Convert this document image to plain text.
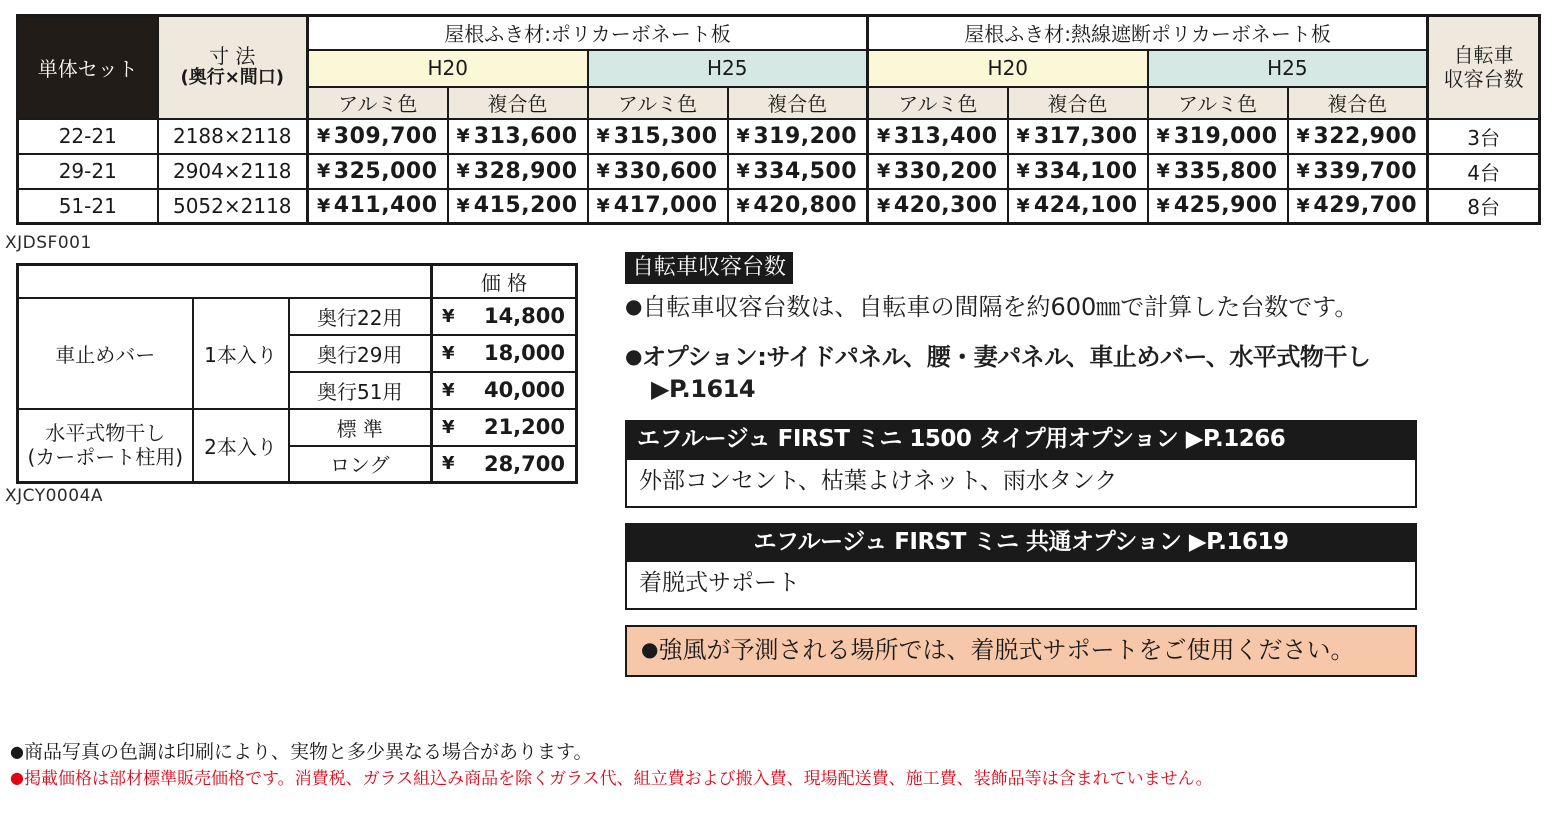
単体セット	
寸 法
(奥行×間口)
	屋根ふき材:ポリカーボネート板	屋根ふき材:熱線遮断ポリカーボネート板	
自転車
収容台数

		H20		H25		H20		H25		
		アルミ色	複合色	アルミ色	複合色	アルミ色	複合色	アルミ色	複合色	
22-21	2188×2118	¥ 309,700	¥ 313,600	¥ 315,300	¥ 319,200	¥ 313,400	¥ 317,300	¥ 319,000	¥ 322,900	3台
29-21	2904×2118	¥ 325,000	¥ 328,900	¥ 330,600	¥ 334,500	¥ 330,200	¥ 334,100	¥ 335,800	¥ 339,700	4台
51-21	5052×2118	¥ 411,400	¥ 415,200	¥ 417,000	¥ 420,800	¥ 420,300	¥ 424,100	¥ 425,900	¥ 429,700	8台
XJDSF001
オプション			価 格
車止めバー	1本入り	奥行22用	¥ 14,800

		奥行29用	¥ 18,000

		奥行51用	¥ 40,000

水平式物干し
(カーポート柱用)	2本入り	標 準	¥ 21,200

		ロング	¥ 28,700
XJCY0004A
自転車収容台数

●自転車収容台数は、自転車の間隔を約600㎜で計算した台数です。

●オプション:サイドパネル、腰・妻パネル、車止めバー、水平式物干し ▶P.1614

エフルージュ FIRST ミニ 1500 タイプ用オプション ▶P.1266
外部コンセント、枯葉よけネット、雨水タンク
エフルージュ FIRST ミニ 共通オプション ▶P.1619
着脱式サポート
●強風が予測される場所では、着脱式サポートをご使用ください。

●商品写真の色調は印刷により、実物と多少異なる場合があります。

●掲載価格は部材標準販売価格です。消費税、ガラス組込み商品を除くガラス代、組立費および搬入費、現場配送費、施工費、装飾品等は含まれていません。
